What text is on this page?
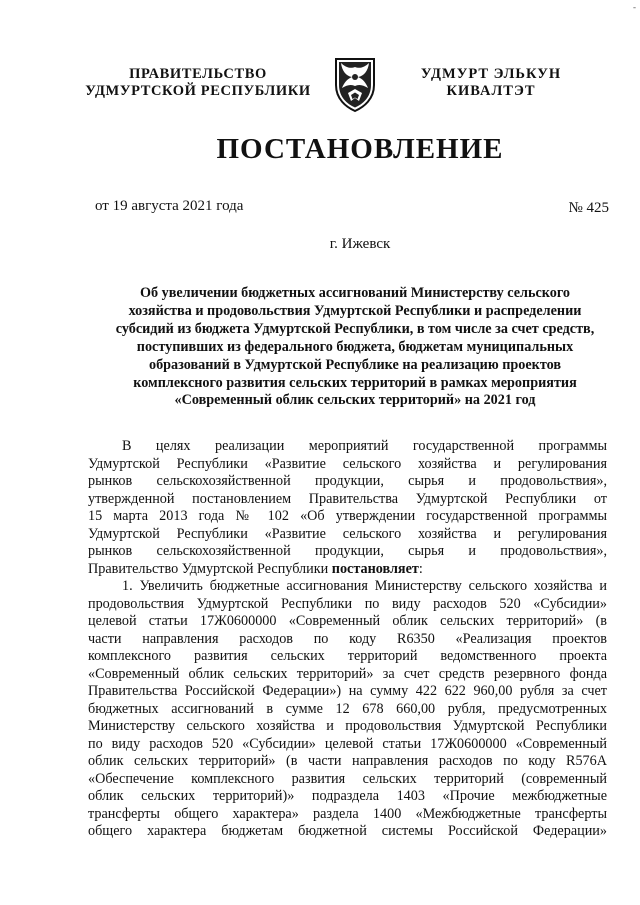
-
ПРАВИТЕЛЬСТВО
УДМУРТСКОЙ РЕСПУБЛИКИ
УДМУРТ ЭЛЬКУН
КИВАЛТЭТ
ПОСТАНОВЛЕНИЕ
от 19 августа 2021 года	№ 425
г. Ижевск
Об увеличении бюджетных ассигнований Министерству сельского
хозяйства и продовольствия Удмуртской Республики и распределении
субсидий из бюджета Удмуртской Республики, в том числе за счет средств,
поступивших из федерального бюджета, бюджетам муниципальных
образований в Удмуртской Республике на реализацию проектов
комплексного развития сельских территорий в рамках мероприятия
«Современный облик сельских территорий» на 2021 год
В целях реализации мероприятий государственной программы
Удмуртской Республики «Развитие сельского хозяйства и регулирования
рынков сельскохозяйственной продукции, сырья и продовольствия»,
утвержденной постановлением Правительства Удмуртской Республики от
15 марта 2013 года № 102 «Об утверждении государственной программы
Удмуртской Республики «Развитие сельского хозяйства и регулирования
рынков сельскохозяйственной продукции, сырья и продовольствия»,
Правительство Удмуртской Республики постановляет:
1. Увеличить бюджетные ассигнования Министерству сельского хозяйства и
продовольствия Удмуртской Республики по виду расходов 520 «Субсидии»
целевой статьи 17Ж0600000 «Современный облик сельских территорий» (в
части направления расходов по коду R6350 «Реализация проектов
комплексного развития сельских территорий ведомственного проекта
«Современный облик сельских территорий» за счет средств резервного фонда
Правительства Российской Федерации») на сумму 422 622 960,00 рубля за счет
бюджетных ассигнований в сумме 12 678 660,00 рубля, предусмотренных
Министерству сельского хозяйства и продовольствия Удмуртской Республики
по виду расходов 520 «Субсидии» целевой статьи 17Ж0600000 «Современный
облик сельских территорий» (в части направления расходов по коду R576A
«Обеспечение комплексного развития сельских территорий (современный
облик сельских территорий)» подраздела 1403 «Прочие межбюджетные
трансферты общего характера» раздела 1400 «Межбюджетные трансферты
общего характера бюджетам бюджетной системы Российской Федерации»
